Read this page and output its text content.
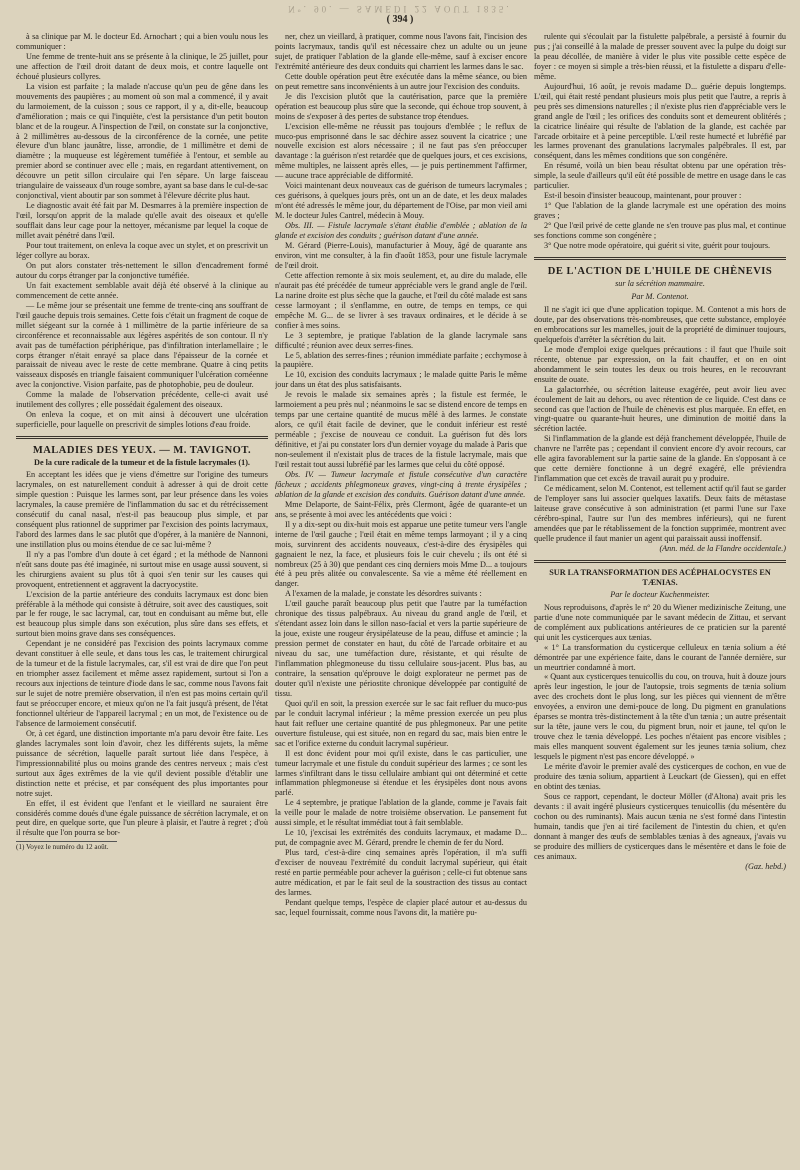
Nº. 90. — SAMEDI 22 AOUT 1835.
( 394 )

à sa clinique par M. le docteur Ed. Arnochart ; qui a bien voulu nous les communiquer :

Une femme de trente-huit ans se présente à la clinique, le 25 juillet, pour une affection de l'œil droit datant de deux mois, et contre laquelle ont échoué plusieurs collyres.

La vision est parfaite ; la malade n'accuse qu'un peu de gêne dans les mouvements des paupières ; au moment où son mal a commencé, il y avait du larmoiement, de la cuisson ; sous ce rapport, il y a, dit-elle, beaucoup d'amélioration ; mais ce qui l'inquiète, c'est la persistance d'un petit bouton blanc et de la rougeur. A l'inspection de l'œil, on constate sur la conjonctive, à 2 millimètres au-dessous de la circonférence de la cornée, une petite élevure d'un blanc jaunâtre, lisse, arrondie, de 1 millimètre et demi de diamètre ; la muqueuse est légèrement tuméfiée à l'entour, et semble au premier abord se continuer avec elle ; mais, en regardant attentivement, on découvre un petit sillon circulaire qui l'en sépare. Un large faisceau triangulaire de vaisseaux d'un rouge sombre, ayant sa base dans le cul-de-sac conjonctival, vient aboutir par son sommet à l'élevure décrite plus haut.

Le diagnostic avait été fait par M. Desmarres à la première inspection de l'œil, lorsqu'on apprit de la malade qu'elle avait des oiseaux et qu'elle soufflait dans leur cage pour la nettoyer, mécanisme par lequel la coque de millet avait pénétré dans l'œil.

Pour tout traitement, on enleva la coque avec un stylet, et on prescrivit un léger collyre au borax.

On put alors constater très-nettement le sillon d'encadrement formé autour du corps étranger par la conjonctive tuméfiée.

Un fait exactement semblable avait déjà été observé à la clinique au commencement de cette année.

— Le même jour se présentait une femme de trente-cinq ans souffrant de l'œil gauche depuis trois semaines. Cette fois c'était un fragment de coque de millet siégeant sur la cornée à 1 millimètre de la partie inférieure de sa circonférence et reconnaissable aux légères aspérités de son contour. Il n'y avait pas de tuméfaction périphérique, pas d'infiltration interlamellaire ; le corps étranger n'était enrayé sa place dans l'épaisseur de la cornée et paraissait de niveau avec le reste de cette membrane. Quatre à cinq petits vaisseaux disposés en triangle faisaient communiquer l'ulcération cornéenne avec la conjonctive. Vision parfaite, pas de photophobie, peu de douleur.

Comme la malade de l'observation précédente, celle-ci avait usé inutilement des collyres ; elle possédait également des oiseaux.

On enleva la coque, et on mit ainsi à découvert une ulcération superficielle, pour laquelle on prescrivit de simples lotions d'eau froide.

MALADIES DES YEUX. — M. TAVIGNOT.
De la cure radicale de la tumeur et de la fistule lacrymales (1).

En acceptant les idées que je viens d'émettre sur l'origine des tumeurs lacrymales, on est naturellement conduit à adresser à qui de droit cette simple question : Puisque les larmes sont, par leur présence dans les voies lacrymales, la cause première de l'inflammation du sac et du rétrécissement consécutif du canal nasal, n'est-il pas beaucoup plus simple, et par conséquent plus rationnel de supprimer par l'excision des points lacrymaux, l'abord des larmes dans le sac plutôt que d'opérer, à la manière de Nannoni, une instillation plus ou moins étendue de ce sac lui-même ?

Il n'y a pas l'ombre d'un doute à cet égard ; et la méthode de Nannoni n'eût sans doute pas été imaginée, ni surtout mise en usage aussi souvent, si les chirurgiens avaient su plus tôt à quoi s'en tenir sur les causes qui provoquent, entretiennent et aggravent la dacryocystite.

L'excision de la partie antérieure des conduits lacrymaux est donc bien préférable à la méthode qui consiste à détruire, soit avec des caustiques, soit par le fer rouge, le sac lacrymal, car, tout en conduisant au même but, elle est beaucoup plus simple dans son exécution, plus sûre dans ses effets, et surtout bien moins grave dans ses conséquences.

Cependant je ne considéré pas l'excision des points lacrymaux comme devant constituer à elle seule, et dans tous les cas, le traitement chirurgical de la tumeur et de la fistule lacrymales, car, s'il est vrai de dire que l'on peut en triompher assez facilement et même assez rapidement, surtout si l'on a recours aux injections de teinture d'iode dans le sac, comme nous l'avons fait sur le sujet de notre première observation, il n'en est pas moins certain qu'il faut se préoccuper encore, et mieux qu'on ne l'a fait jusqu'à présent, de l'état fonctionnel ultérieur de l'appareil lacrymal ; en un mot, de l'existence ou de l'absence de larmoiement consécutif.

Or, à cet égard, une distinction importante m'a paru devoir être faite. Les glandes lacrymales sont loin d'avoir, chez les différents sujets, la même puissance de sécrétion, laquelle paraît surtout liée dans l'espèce, à l'impressionnabilité plus ou moins grande des centres nerveux ; mais c'est surtout aux âges extrêmes de la vie qu'il devient possible d'établir une distinction nette et précise, et par conséquent des plus importantes pour notre sujet.

En effet, il est évident que l'enfant et le vieillard ne sauraient être considérés comme doués d'une égale puissance de sécrétion lacrymale, et on peut dire, en quelque sorte, que l'un pleure à plaisir, et l'autre à regret ; d'où il résulte que l'on pourra se bor-

(1) Voyez le numéro du 12 août.

ner, chez un vieillard, à pratiquer, comme nous l'avons fait, l'incision des points lacrymaux, tandis qu'il est nécessaire chez un adulte ou un jeune sujet, de pratiquer l'ablation de la glande elle-même, sauf à exciser encore l'extrémité antérieure des deux conduits qui charrient les larmes dans le sac.

Cette double opération peut être exécutée dans la même séance, ou bien on peut remettre sans inconvénients à un autre jour l'excision des conduits.

Je dis l'excision plutôt que la cautérisation, parce que la première opération est beaucoup plus sûre que la seconde, qui échoue trop souvent, à moins de s'exposer à des pertes de substance trop étendues.

L'excision elle-même ne réussit pas toujours d'emblée ; le reflux de muco-pus emprisonné dans le sac déchire assez souvent la cicatrice ; une nouvelle excision est alors nécessaire ; il ne faut pas s'en préoccuper davantage : la guérison n'est retardée que de quelques jours, et ces excisions, même multiples, ne laissent après elles, — je puis pertinemment l'affirmer, — aucune trace appréciable de difformité.

Voici maintenant deux nouveaux cas de guérison de tumeurs lacrymales ; ces guérisons, à quelques jours près, ont un an de date, et les deux malades m'ont été adressés le même jour, du département de l'Oise, par mon vieil ami M. le docteur Jules Cantrel, médecin à Mouy.

Obs. III. — Fistule lacrymale s'étant établie d'emblée ; ablation de la glande et excision des conduits ; guérison datant d'une année.

M. Gérard (Pierre-Louis), manufacturier à Mouy, âgé de quarante ans environ, vint me consulter, à la fin d'août 1853, pour une fistule lacrymale de l'œil droit.

Cette affection remonte à six mois seulement, et, au dire du malade, elle n'aurait pas été précédée de tumeur appréciable vers le grand angle de l'œil. La narine droite est plus sèche que la gauche, et l'œil du côté malade est sans cesse larmoyant ; il s'enflamme, en outre, de temps en temps, ce qui empêche M. G... de se livrer à ses travaux ordinaires, et le décide à se confier à mes soins.

Le 3 septembre, je pratique l'ablation de la glande lacrymale sans difficulté ; réunion avec deux serres-fines.

Le 5, ablation des serres-fines ; réunion immédiate parfaite ; ecchymose à la paupière.

Le 10, excision des conduits lacrymaux ; le malade quitte Paris le même jour dans un état des plus satisfaisants.

Je revois le malade six semaines après ; la fistule est fermée, le larmoiement a peu près nul ; néanmoins le sac se distend encore de temps en temps par une certaine quantité de mucus mêlé à des larmes. Je constate alors, ce qu'il était facile de deviner, que le conduit inférieur est resté perméable ; j'excise de nouveau ce conduit. La guérison fut dès lors définitive, et j'ai pu constater lors d'un dernier voyage du malade à Paris que non-seulement il n'existait plus de traces de la fistule lacrymale, mais que l'œil restait tout aussi lubréfié par les larmes que celui du côté opposé.

Obs. IV. — Tumeur lacrymale et fistule consécutive d'un caractère fâcheux ; accidents phlegmoneux graves, vingt-cinq à trente érysipèles ; ablation de la glande et excision des conduits. Guérison datant d'une année.

Mme Delaporte, de Saint-Félix, près Clermont, âgée de quarante-et un ans, se présente à moi avec les antécédents que voici :

Il y a dix-sept ou dix-huit mois est apparue une petite tumeur vers l'angle interne de l'œil gauche ; l'œil était en même temps larmoyant ; il y a cinq mois, survinrent des accidents nouveaux, c'est-à-dire des érysipèles qui gagnaient le nez, la face, et plusieurs fois le cuir chevelu ; ils ont été si nombreux (25 à 30) que pendant ces cinq derniers mois Mme D... a toujours été à peu près alitée ou convalescente. Sa vie a même été réellement en danger.

A l'examen de la malade, je constate les désordres suivants :

L'œil gauche paraît beaucoup plus petit que l'autre par la tuméfaction chronique des tissus palpébraux. Au niveau du grand angle de l'œil, et s'étendant assez loin dans le sillon naso-facial et vers la partie supérieure de la joue, existe une rougeur érysipélateuse de la peau, diffuse et amincie ; la pression permet de constater en haut, du côté de l'arcade orbitaire et au niveau du sac, une tuméfaction dure, résistante, et qui résulte de l'inflammation phlegmoneuse du tissu cellulaire sous-jacent. Plus bas, au contraire, la sensation qu'éprouve le doigt explorateur ne permet pas de douter qu'il n'existe une périostite chronique développée par contiguïté de tissu.

Quoi qu'il en soit, la pression exercée sur le sac fait refluer du muco-pus par le conduit lacrymal inférieur ; la même pression exercée un peu plus haut fait refluer une certaine quantité de pus phlegmoneux. Par une petite ouverture fistuleuse, qui est située, non en regard du sac, mais bien entre le sac et l'orifice externe du conduit lacrymal supérieur.

Il est donc évident pour moi qu'il existe, dans le cas particulier, une tumeur lacrymale et une fistule du conduit supérieur des larmes ; ce sont les larmes s'infiltrant dans le tissu cellulaire ambiant qui ont déterminé et cette inflammation phlegmoneuse si étendue et les érysipèles dont nous avons parlé.

Le 4 septembre, je pratique l'ablation de la glande, comme je l'avais fait la veille pour le malade de notre troisième observation. Le pansement fut aussi simple, et le résultat immédiat tout à fait semblable.

Le 10, j'excisai les extrémités des conduits lacrymaux, et madame D... put, de compagnie avec M. Gérard, prendre le chemin de fer du Nord.

Plus tard, c'est-à-dire cinq semaines après l'opération, il m'a suffi d'exciser de nouveau l'extrémité du conduit lacrymal supérieur, qui était resté en partie perméable pour achever la guérison ; celle-ci fut obtenue sans autre médication, et par le fait seul de la soustraction des tissus au contact des larmes.

Pendant quelque temps, l'espèce de clapier placé autour et au-dessus du sac, lequel fournissait, comme nous l'avons dit, la matière pu-

rulente qui s'écoulait par la fistulette palpébrale, a persisté à fournir du pus ; j'ai conseillé à la malade de presser souvent avec la pulpe du doigt sur la peau décollée, de manière à vider le plus vite possible cette espèce de foyer : ce moyen si simple a très-bien réussi, et la fistulette a disparu d'elle-même.

Aujourd'hui, 16 août, je revois madame D... guérie depuis longtemps. L'œil, qui était resté pendant plusieurs mois plus petit que l'autre, a repris à peu près ses dimensions naturelles ; il n'existe plus rien d'appréciable vers le grand angle de l'œil ; les orifices des conduits sont et demeurent oblitérés ; la cicatrice linéaire qui résulte de l'ablation de la glande, est cachée par l'arcade orbitaire et à peine perceptible. L'œil reste humecté et lubréfié par les larmes provenant des granulations lacrymales palpébrales. Il est, par conséquent, dans les mêmes conditions que son congénère.

En résumé, voilà un bien beau résultat obtenu par une opération très-simple, la seule d'ailleurs qu'il eût été possible de mettre en usage dans le cas particulier.

Est-il besoin d'insister beaucoup, maintenant, pour prouver :

1° Que l'ablation de la glande lacrymale est une opération des moins graves ;

2° Que l'œil privé de cette glande ne s'en trouve pas plus mal, et continue ses fonctions comme son congénère ;

3° Que notre mode opératoire, qui guérit si vite, guérit pour toujours.

DE L'ACTION DE L'HUILE DE CHÈNEVIS
sur la sécrétion mammaire.
Par M. Contenot.

Il ne s'agit ici que d'une application topique. M. Contenot a mis hors de doute, par des observations très-nombreuses, que cette substance, employée en embrocations sur les mamelles, jouit de la propriété de diminuer toujours, quelquefois d'arrêter la sécrétion du lait.

Le mode d'emploi exige quelques précautions : il faut que l'huile soit récente, obtenue par expression, on la fait chauffer, et on en oint abondamment le sein toutes les deux ou trois heures, en le recouvrant ensuite de ouate.

La galactorrhée, ou sécrétion laiteuse exagérée, peut avoir lieu avec écoulement de lait au dehors, ou avec rétention de ce liquide. C'est dans ce second cas que l'action de l'huile de chènevis est plus marquée. En effet, en vingt-quatre ou quarante-huit heures, une diminution de moitié dans la sécrétion lactée.

Si l'inflammation de la glande est déjà franchement développée, l'huile de chanvre ne l'arrête pas ; cependant il convient encore d'y avoir recours, car elle agira favorablement sur la partie saine de la glande. En s'opposant à ce que cette dernière fonctionne à un degré exagéré, elle préviendra l'inflammation que cet excès de travail aurait pu y produire.

Ce médicament, selon M. Contenot, est tellement actif qu'il faut se garder de l'employer sans lui associer quelques laxatifs. Deux faits de métastase laiteuse grave consécutive à son administration (et parmi l'une sur l'axe cérébro-spinal, l'autre sur l'un des membres inférieurs), qui ne furent amendées que par le rétablissement de la fonction supprimée, montrent avec quelle prudence il faut manier un agent qui paraissait aussi inoffensif.

(Ann. méd. de la Flandre occidentale.)

SUR LA TRANSFORMATION DES ACÉPHALOCYSTES EN TÆNIAS.
Par le docteur Kuchenmeister.

Nous reproduisons, d'après le n° 20 du Wiener medizinische Zeitung, une partie d'une note communiquée par le savant médecin de Zittau, et servant de complément aux publications antérieures de ce praticien sur la parenté qui unit les cysticerques aux tænias.

« 1° La transformation du cysticerque celluleux en tænia solium a été démontrée par une expérience faite, dans le courant de l'année dernière, sur un meurtrier condamné à mort.

« Quant aux cysticerques tenuicollis du cou, on trouva, huit à douze jours après leur ingestion, le jour de l'autopsie, trois segments de tænia solium avec des crochets dont le plus long, sur les pièces qui viennent de m'être envoyées, a environ une demi-pouce de long. Du pigment en granulations éparses se montra très-distinctement à la tête d'un tænia ; un autre présentait sur la tête, jaune vers le cou, du pigment brun, noir et jaune, tel qu'on le trouve chez le tænia développé. Les poches n'étaient pas encore visibles ; mais elles manquent souvent également sur les jeunes tænia solium, chez lesquels le pigment n'est pas encore développé. »

Le mérite d'avoir le premier avalé des cysticerques de cochon, en vue de produire des tænia solium, appartient à Leuckart (de Giessen), qui en effet en obtint des tænias.

Sous ce rapport, cependant, le docteur Möller (d'Altona) avait pris les devants : il avait ingéré plusieurs cysticerques tenuicollis (du mésentère du cochon ou des ruminants). Mais aucun tænia ne s'est formé dans l'intestin humain, tandis que j'en ai tiré facilement de l'intestin du chien, et qu'en donnant à manger des œufs de semblables tænias à des agneaux, j'avais vu se produire des milliers de cysticerques dans le mésentère et dans le foie de ces animaux.

(Gaz. hebd.)
